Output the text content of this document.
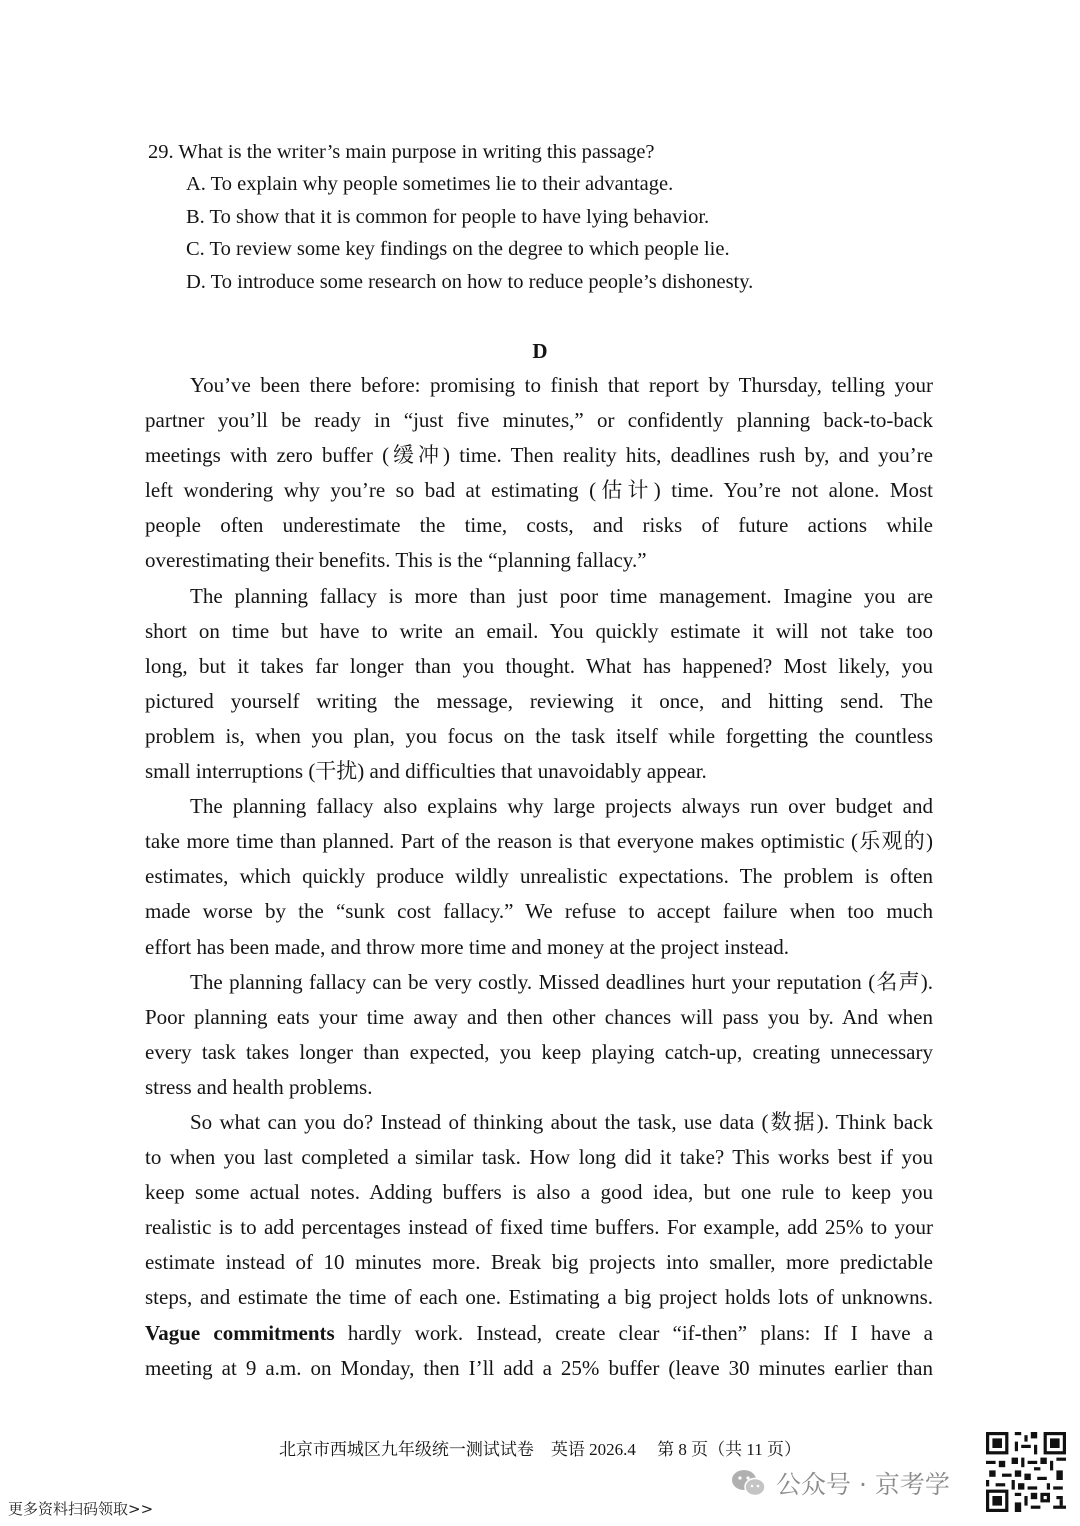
29. What is the writer’s main purpose in writing this passage?
A. To explain why people sometimes lie to their advantage.
B. To show that it is common for people to have lying behavior.
C. To review some key findings on the degree to which people lie.
D. To introduce some research on how to reduce people’s dishonesty.
D
You’ve been there before: promising to finish that report by Thursday, telling your
partner you’ll be ready in “just five minutes,” or confidently planning back-to-back
meetings with zero buffer (缓冲) time. Then reality hits, deadlines rush by, and you’re
left wondering why you’re so bad at estimating (估计) time. You’re not alone. Most
people often underestimate the time, costs, and risks of future actions while
overestimating their benefits. This is the “planning fallacy.”
The planning fallacy is more than just poor time management. Imagine you are
short on time but have to write an email. You quickly estimate it will not take too
long, but it takes far longer than you thought. What has happened? Most likely, you
pictured yourself writing the message, reviewing it once, and hitting send. The
problem is, when you plan, you focus on the task itself while forgetting the countless
small interruptions (干扰) and difficulties that unavoidably appear.
The planning fallacy also explains why large projects always run over budget and
take more time than planned. Part of the reason is that everyone makes optimistic (乐观的)
estimates, which quickly produce wildly unrealistic expectations. The problem is often
made worse by the “sunk cost fallacy.” We refuse to accept failure when too much
effort has been made, and throw more time and money at the project instead.
The planning fallacy can be very costly. Missed deadlines hurt your reputation (名声).
Poor planning eats your time away and then other chances will pass you by. And when
every task takes longer than expected, you keep playing catch-up, creating unnecessary
stress and health problems.
So what can you do? Instead of thinking about the task, use data (数据). Think back
to when you last completed a similar task. How long did it take? This works best if you
keep some actual notes. Adding buffers is also a good idea, but one rule to keep you
realistic is to add percentages instead of fixed time buffers. For example, add 25% to your
estimate instead of 10 minutes more. Break big projects into smaller, more predictable
steps, and estimate the time of each one. Estimating a big project holds lots of unknowns.
Vague commitments hardly work. Instead, create clear “if-then” plans: If I have a
meeting at 9 a.m. on Monday, then I’ll add a 25% buffer (leave 30 minutes earlier than
北京市西城区九年级统一测试试卷　英语 2026.4　 第 8 页（共 11 页）
更多资料扫码领取>>
公众号 · 京考学
